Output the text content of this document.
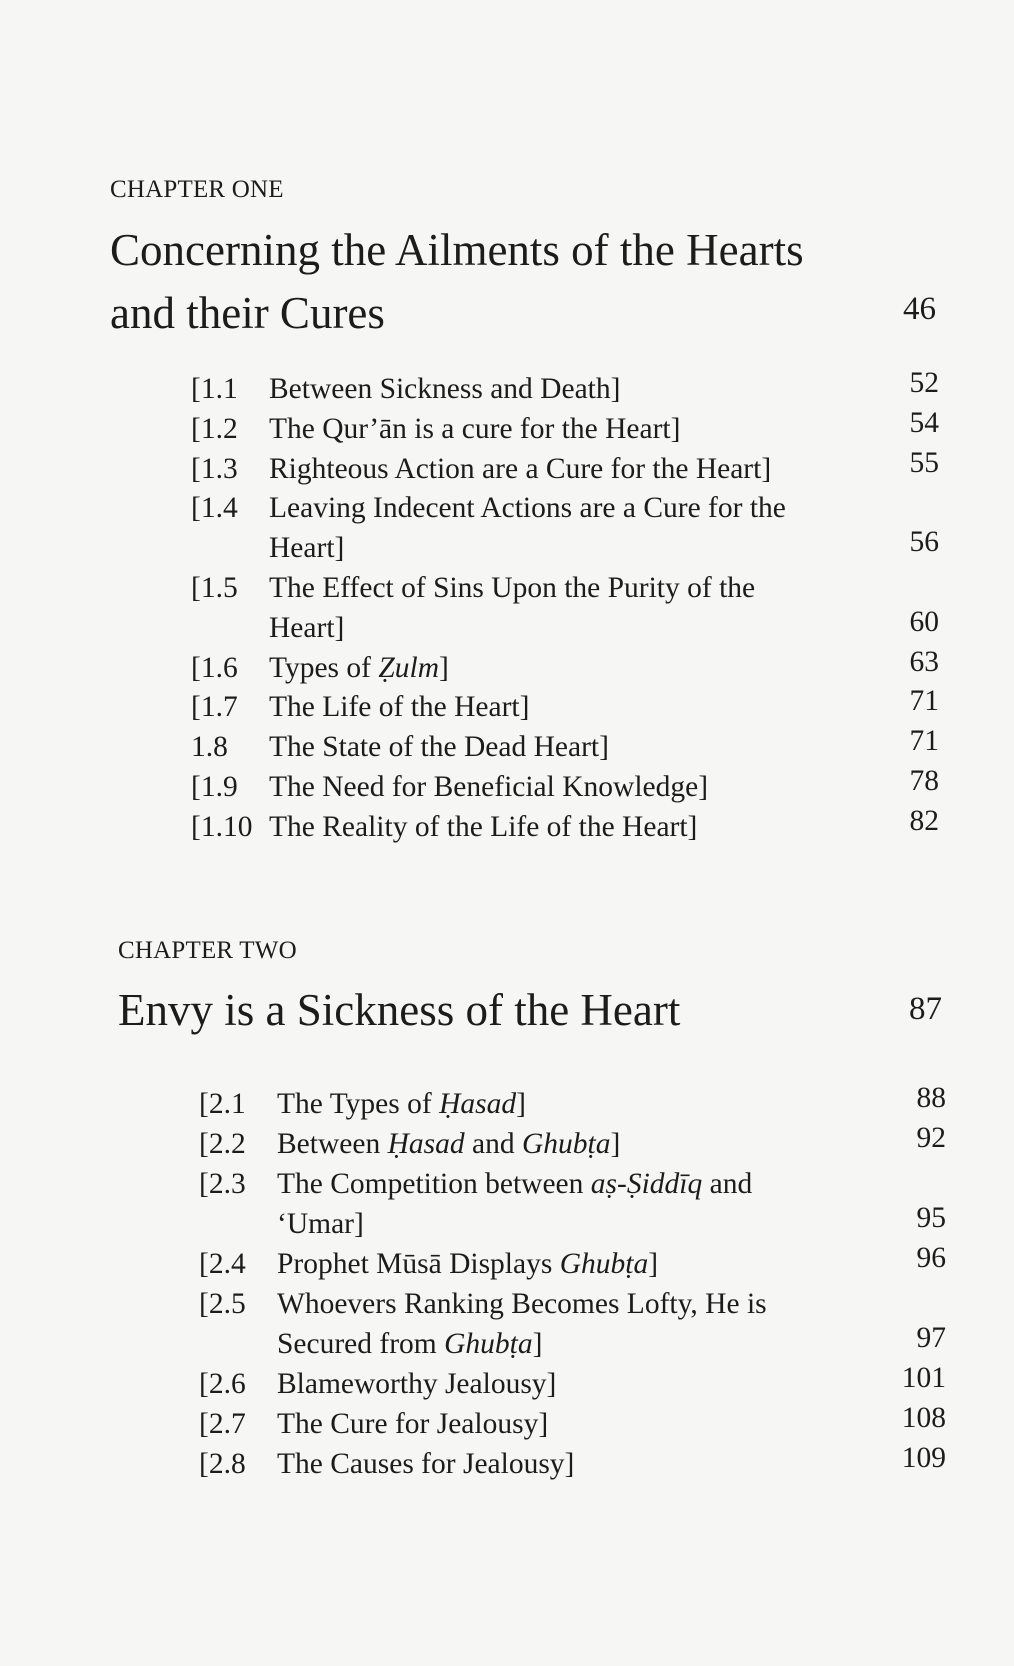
CHAPTER ONE
Concerning the Ailments of the Hearts
and their Cures	46
[1.1 Between Sickness and Death]	52
[1.2 The Qur’ān is a cure for the Heart]	54
[1.3 Righteous Action are a Cure for the Heart]	55
[1.4 Leaving Indecent Actions are a Cure for the
Heart]	56
[1.5 The Effect of Sins Upon the Purity of the
Heart]	60
[1.6 Types of Ẓulm]	63
[1.7 The Life of the Heart]	71
1.8 The State of the Dead Heart]	71
[1.9 The Need for Beneficial Knowledge]	78
[1.10 The Reality of the Life of the Heart]	82
CHAPTER TWO
Envy is a Sickness of the Heart	87
[2.1 The Types of Ḥasad]	88
[2.2 Between Ḥasad and Ghubṭa]	92
[2.3 The Competition between aṣ-Ṣiddīq and
‘Umar]	95
[2.4 Prophet Mūsā Displays Ghubṭa]	96
[2.5 Whoevers Ranking Becomes Lofty, He is
Secured from Ghubṭa]	97
[2.6 Blameworthy Jealousy]	101
[2.7 The Cure for Jealousy]	108
[2.8 The Causes for Jealousy]	109
